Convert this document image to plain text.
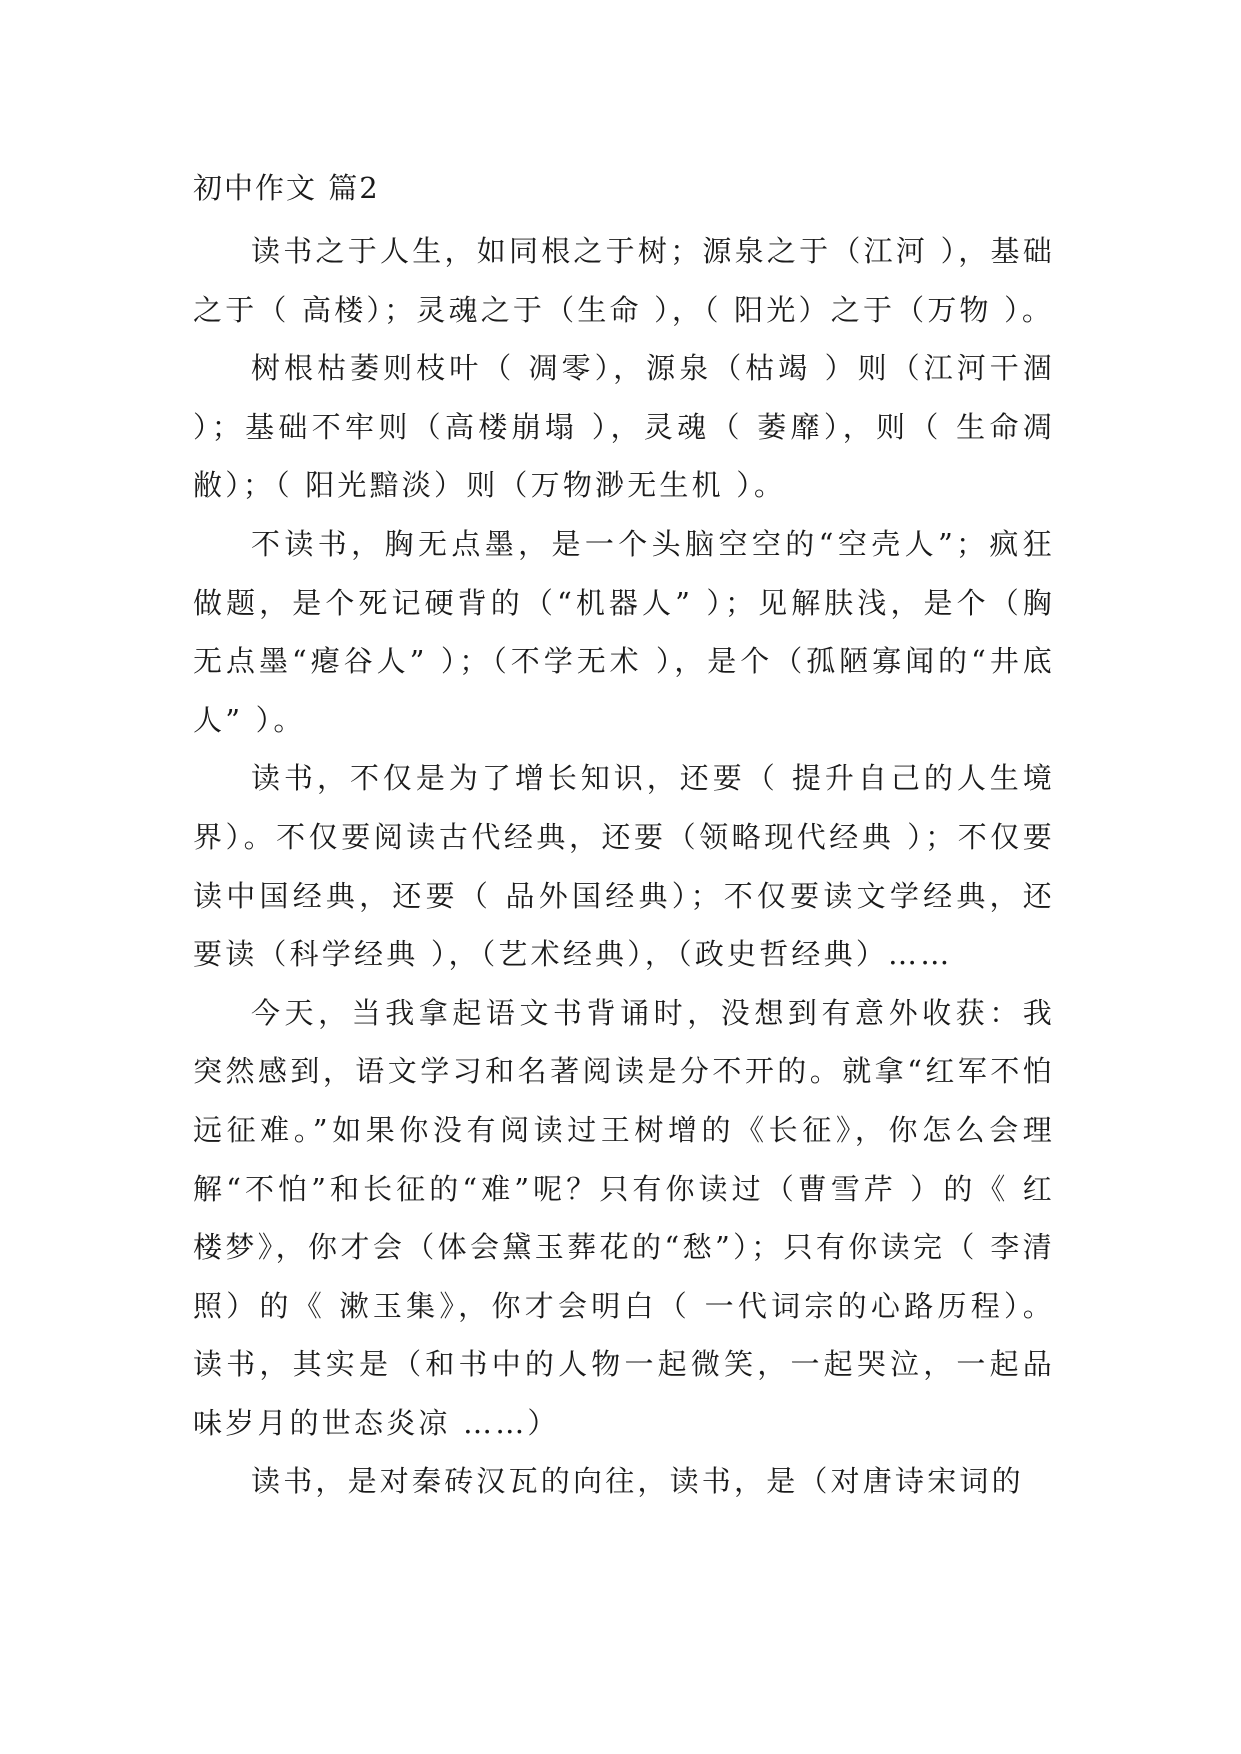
初中作文 篇2

读书之于人生，如同根之于树；源泉之于（江河 ），基础之于（ 高楼）；灵魂之于（生命 ），（ 阳光）之于（万物 ）。

树根枯萎则枝叶（ 凋零），源泉（枯竭 ）则（江河干涸 ）；基础不牢则（高楼崩塌 ），灵魂（ 萎靡），则（ 生命凋敝）；（ 阳光黯淡）则（万物渺无生机 ）。

不读书，胸无点墨，是一个头脑空空的“空壳人”；疯狂做题，是个死记硬背的（“机器人” ）；见解肤浅，是个（胸无点墨“瘪谷人” ）；（不学无术 ），是个（孤陋寡闻的“井底人” ）。

读书，不仅是为了增长知识，还要（ 提升自己的人生境界）。不仅要阅读古代经典，还要（领略现代经典 ）；不仅要读中国经典，还要（ 品外国经典）；不仅要读文学经典，还要读（科学经典 ），（艺术经典），（政史哲经典）……

今天，当我拿起语文书背诵时，没想到有意外收获：我突然感到，语文学习和名著阅读是分不开的。就拿“红军不怕远征难。”如果你没有阅读过王树增的《长征》，你怎么会理解“不怕”和长征的“难”呢？只有你读过（曹雪芹 ）的《 红楼梦》，你才会（体会黛玉葬花的“愁”）；只有你读完（ 李清照）的《 漱玉集》，你才会明白（ 一代词宗的心路历程）。读书，其实是（和书中的人物一起微笑，一起哭泣，一起品味岁月的世态炎凉 ……）

读书，是对秦砖汉瓦的向往，读书，是（对唐诗宋词的
